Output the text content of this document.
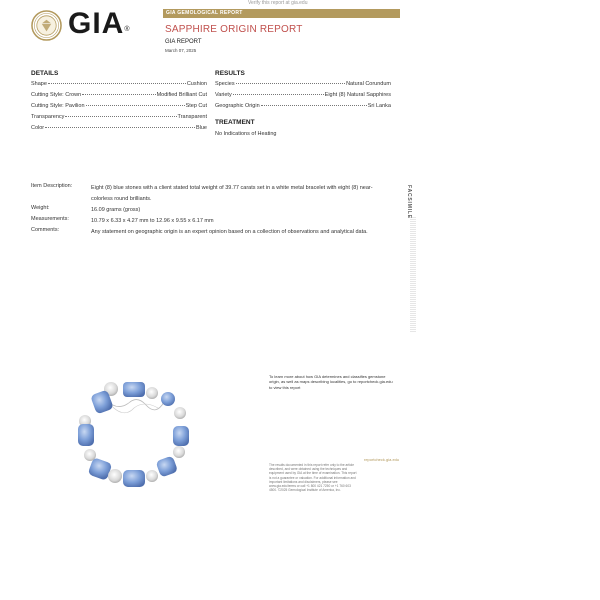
Verify this report at gia.edu
GIA®
GIA GEMOLOGICAL REPORT
SAPPHIRE ORIGIN REPORT
GIA REPORT
March 07, 2025
DETAILS
Shape	Cushion
Cutting Style: Crown	Modified Brilliant Cut
Cutting Style: Pavilion	Step Cut
Transparency	Transparent
Color	Blue
RESULTS
Species	Natural Corundum
Variety	Eight (8) Natural Sapphires
Geographic Origin	Sri Lanka
TREATMENT
No Indications of Heating
Item Description:	Eight (8) blue stones with a client stated total weight of 39.77 carats set in a white metal bracelet with eight (8) near-colorless round brilliants.
Weight:	16.09 grams (gross)
Measurements:	10.79 x 6.33 x 4.27 mm to 12.96 x 9.55 x 6.17 mm
Comments:	Any statement on geographic origin is an expert opinion based on a collection of observations and analytical data.
FACSIMILE
To learn more about how GIA determines and classifies gemstone origin, as well as maps describing localities, go to reportcheck.gia.edu to view this report
reportcheck.gia.edu
The results documented in this report refer only to the article described, and were obtained using the techniques and equipment used by GIA at the time of examination. This report is not a guarantee or valuation. For additional information and important limitations and disclaimers, please see www.gia.edu/terms or call +1 800 421 7250 or +1 760 603 4500. ©2025 Gemological Institute of America, Inc.
